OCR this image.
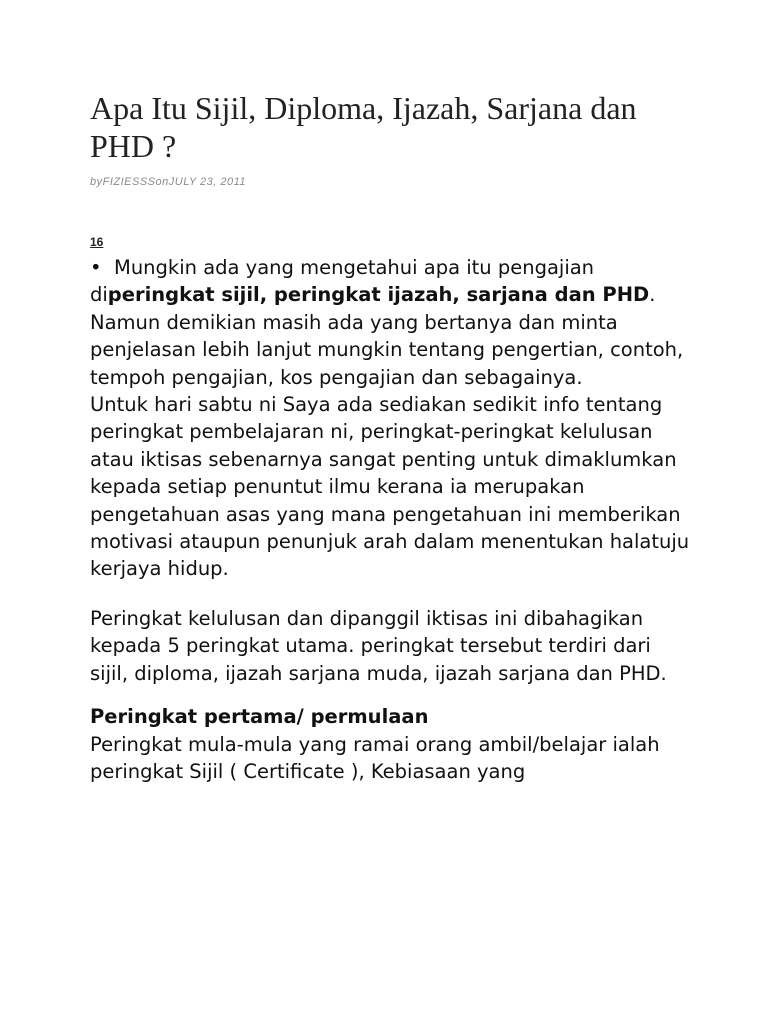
Apa Itu Sijil, Diploma, Ijazah, Sarjana dan PHD ?
byFIZIESSSonJULY 23, 2011
16

• Mungkin ada yang mengetahui apa itu pengajian diperingkat sijil, peringkat ijazah, sarjana dan PHD. Namun demikian masih ada yang bertanya dan minta penjelasan lebih lanjut mungkin tentang pengertian, contoh, tempoh pengajian, kos pengajian dan sebagainya.

Untuk hari sabtu ni Saya ada sediakan sedikit info tentang peringkat pembelajaran ni, peringkat-peringkat kelulusan atau iktisas sebenarnya sangat penting untuk dimaklumkan kepada setiap penuntut ilmu kerana ia merupakan pengetahuan asas yang mana pengetahuan ini memberikan motivasi ataupun penunjuk arah dalam menentukan halatuju kerjaya hidup.

Peringkat kelulusan dan dipanggil iktisas ini dibahagikan kepada 5 peringkat utama. peringkat tersebut terdiri dari sijil, diploma, ijazah sarjana muda, ijazah sarjana dan PHD.

Peringkat pertama/ permulaan

Peringkat mula-mula yang ramai orang ambil/belajar ialah peringkat Sijil ( Certificate ), Kebiasaan yang
